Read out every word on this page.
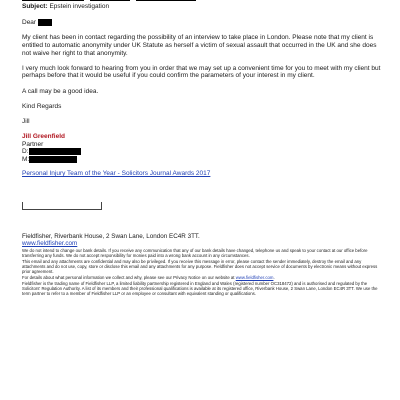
Subject: Epstein investigation

Dear

My client has been in contact regarding the possibility of an interview to take place in London. Please note that my client is entitled to automatic anonymity under UK Statute as herself a victim of sexual assault that occurred in the UK and she does not waive her right to that anonymity.

I very much look forward to hearing from you in order that we may set up a convenient time for you to meet with my client but perhaps before that it would be useful if you could confirm the parameters of your interest in my client.

A call may be a good idea.

Kind Regards

Jill

Jill Greenfield
Partner
D:
M:
Personal Injury Team of the Year - Solicitors Journal Awards 2017
Fieldfisher, Riverbank House, 2 Swan Lane, London EC4R 3TT.
www.fieldfisher.com
We do not intend to change our bank details. If you receive any communication that any of our bank details have changed, telephone us and speak to your contact at our office before transferring any funds. We do not accept responsibility for monies paid into a wrong bank account in any circumstances.
This email and any attachments are confidential and may also be privileged. If you receive this message in error, please contact the sender immediately, destroy the email and any attachments and do not use, copy, store or disclose this email and any attachments for any purpose. Fieldfisher does not accept service of documents by electronic means without express prior agreement.
For details about what personal information we collect and why, please see our Privacy Notice on our website at www.fieldfisher.com.
Fieldfisher is the trading name of Fieldfisher LLP, a limited liability partnership registered in England and Wales (registered number OC318472) and is authorised and regulated by the Solicitors' Regulation Authority. A list of its members and their professional qualifications is available at its registered office, Riverbank House, 2 Swan Lane, London EC4R 3TT. We use the term partner to refer to a member of Fieldfisher LLP or an employee or consultant with equivalent standing or qualifications.
